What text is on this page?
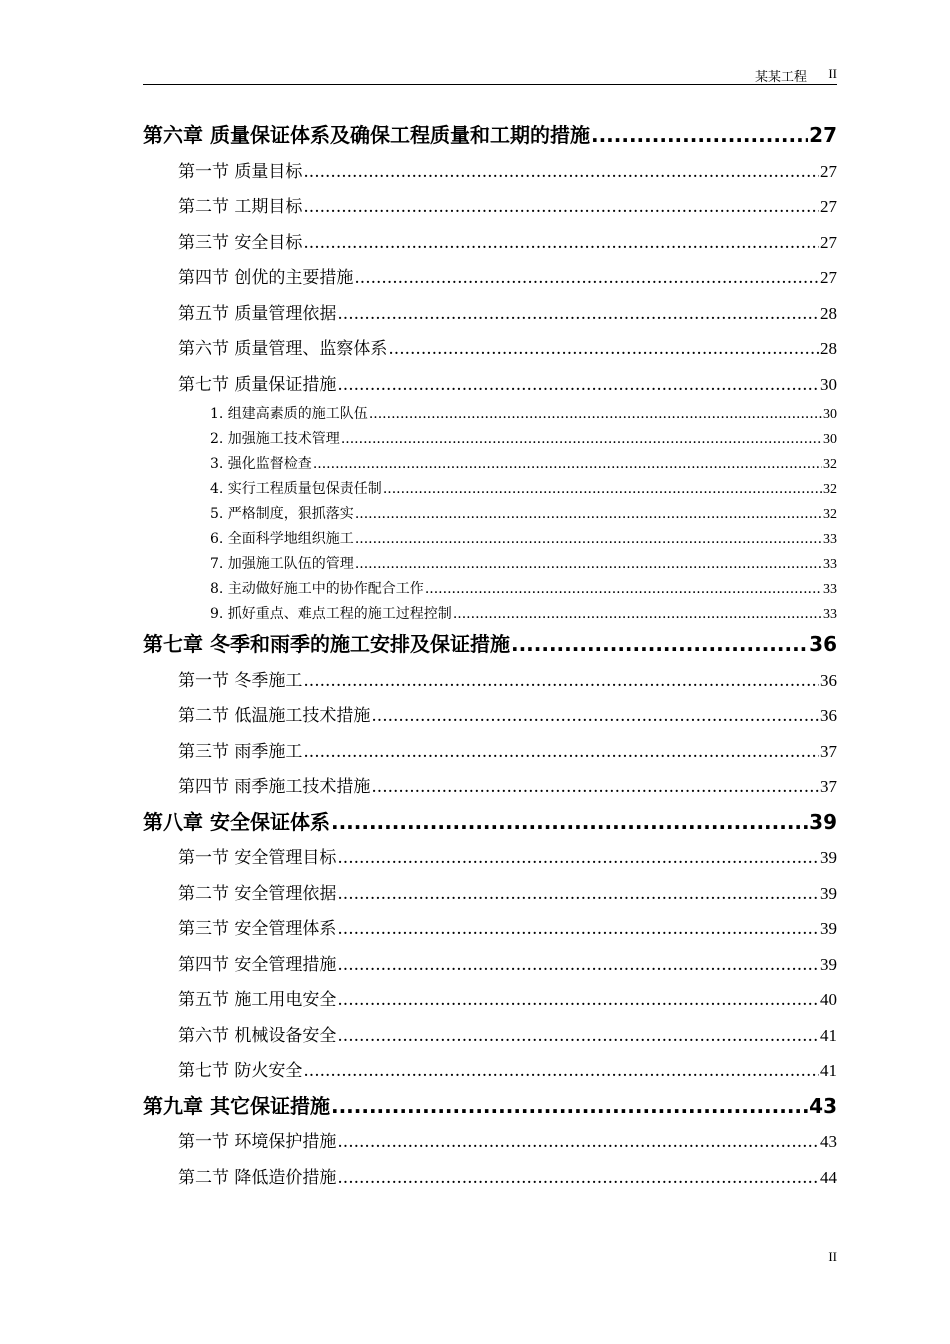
某某工程 II
第六章 质量保证体系及确保工程质量和工期的措施 .....	27
第一节 质量目标 .....	27
第二节 工期目标 .....	27
第三节 安全目标 .....	27
第四节 创优的主要措施 .....	27
第五节 质量管理依据 .....	28
第六节 质量管理、监察体系 .....	28
第七节 质量保证措施 .....	30
1. 组建高素质的施工队伍 .....	30
2. 加强施工技术管理 .....	30
3. 强化监督检查 .....	32
4. 实行工程质量包保责任制 .....	32
5. 严格制度，狠抓落实 .....	32
6. 全面科学地组织施工 .....	33
7. 加强施工队伍的管理 .....	33
8. 主动做好施工中的协作配合工作 .....	33
9. 抓好重点、难点工程的施工过程控制 .....	33
第七章 冬季和雨季的施工安排及保证措施 .....	36
第一节 冬季施工 .....	36
第二节 低温施工技术措施 .....	36
第三节 雨季施工 .....	37
第四节 雨季施工技术措施 .....	37
第八章 安全保证体系 .....	39
第一节 安全管理目标 .....	39
第二节 安全管理依据 .....	39
第三节 安全管理体系 .....	39
第四节 安全管理措施 .....	39
第五节 施工用电安全 .....	40
第六节 机械设备安全 .....	41
第七节 防火安全 .....	41
第九章 其它保证措施 .....	43
第一节 环境保护措施 .....	43
第二节 降低造价措施 .....	44
II
